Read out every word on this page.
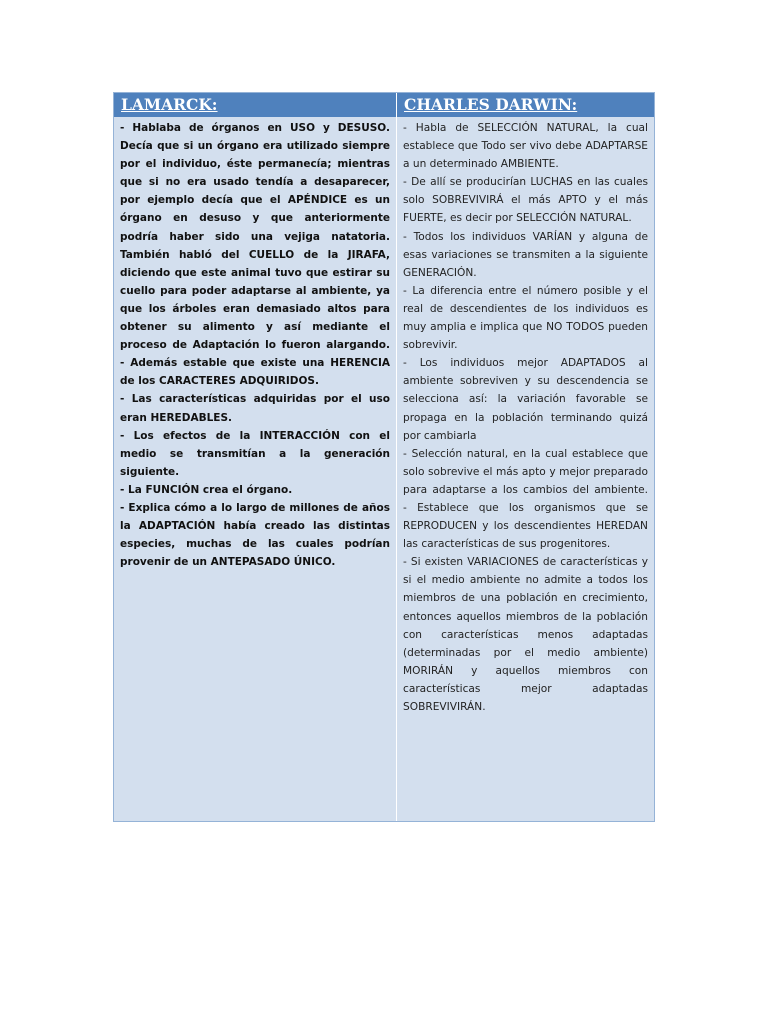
LAMARCK:	CHARLES DARWIN:

- Hablaba de órganos en USO y DESUSO. Decía que si un órgano era utilizado siempre por el individuo, éste permanecía; mientras que si no era usado tendía a desaparecer, por ejemplo decía que el APÉNDICE es un órgano en desuso y que anteriormente podría haber sido una vejiga natatoria. También habló del CUELLO de la JIRAFA, diciendo que este animal tuvo que estirar su cuello para poder adaptarse al ambiente, ya que los árboles eran demasiado altos para obtener su alimento y así mediante el proceso de Adaptación lo fueron alargando.

- Además estable que existe una HERENCIA de los CARACTERES ADQUIRIDOS.

- Las características adquiridas por el uso eran HEREDABLES.

- Los efectos de la INTERACCIÓN con el medio se transmitían a la generación siguiente.

- La FUNCIÓN crea el órgano.

- Explica cómo a lo largo de millones de años la ADAPTACIÓN había creado las distintas especies, muchas de las cuales podrían provenir de un ANTEPASADO ÚNICO.

- Habla de SELECCIÓN NATURAL, la cual establece que Todo ser vivo debe ADAPTARSE a un determinado AMBIENTE.

- De allí se producirían LUCHAS en las cuales solo SOBREVIVIRÁ el más APTO y el más FUERTE, es decir por SELECCIÓN NATURAL.

- Todos los individuos VARÍAN y alguna de esas variaciones se transmiten a la siguiente GENERACIÓN.

- La diferencia entre el número posible y el real de descendientes de los individuos es muy amplia e implica que NO TODOS pueden sobrevivir.

- Los individuos mejor ADAPTADOS al ambiente sobreviven y su descendencia se selecciona así: la variación favorable se propaga en la población terminando quizá por cambiarla

- Selección natural, en la cual establece que solo sobrevive el más apto y mejor preparado para adaptarse a los cambios del ambiente.

- Establece que los organismos que se REPRODUCEN y los descendientes HEREDAN las características de sus progenitores.

- Si existen VARIACIONES de características y si el medio ambiente no admite a todos los miembros de una población en crecimiento, entonces aquellos miembros de la población con características menos adaptadas (determinadas por el medio ambiente) MORIRÁN y aquellos miembros con características mejor adaptadas SOBREVIVIRÁN.
